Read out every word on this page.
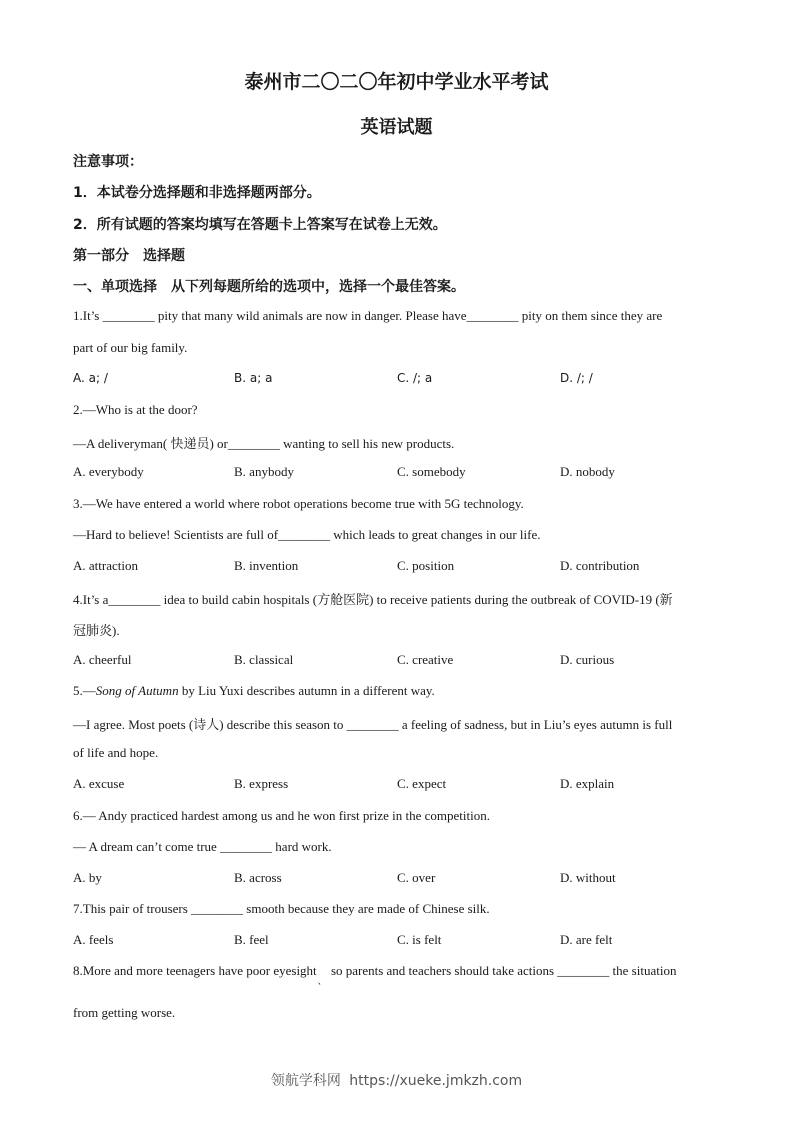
泰州市二〇二〇年初中学业水平考试
英语试题
注意事项：
1．本试卷分选择题和非选择题两部分。
2．所有试题的答案均填写在答题卡上答案写在试卷上无效。
第一部分　选择题
一、单项选择　从下列每题所给的选项中，选择一个最佳答案。
1.It’s ________ pity that many wild animals are now in danger. Please have________ pity on them since they are
part of our big family.
A. a; /	B. a; a	C. /; a	D. /; /
2.—Who is at the door?
—A deliveryman( 快递员) or________ wanting to sell his new products.
A. everybody	B. anybody	C. somebody	D. nobody
3.—We have entered a world where robot operations become true with 5G technology.
—Hard to believe! Scientists are full of________ which leads to great changes in our life.
A. attraction	B. invention	C. position	D. contribution
4.It’s a________ idea to build cabin hospitals (方舱医院) to receive patients during the outbreak of COVID-19 (新
冠肺炎).
A. cheerful	B. classical	C. creative	D. curious
5.—Song of Autumn by Liu Yuxi describes autumn in a different way.
—I agree. Most poets (诗人) describe this season to ________ a feeling of sadness, but in Liu’s eyes autumn is full
of life and hope.
A. excuse	B. express	C. expect	D. explain
6.— Andy practiced hardest among us and he won first prize in the competition.
— A dream can’t come true ________ hard work.
A. by	B. across	C. over	D. without
7.This pair of trousers ________ smooth because they are made of Chinese silk.
A. feels	B. feel	C. is felt	D. are felt
8.More and more teenagers have poor eyesight$_、$ so parents and teachers should take actions ________ the situation
from getting worse.
领航学科网 https://xueke.jmkzh.com
